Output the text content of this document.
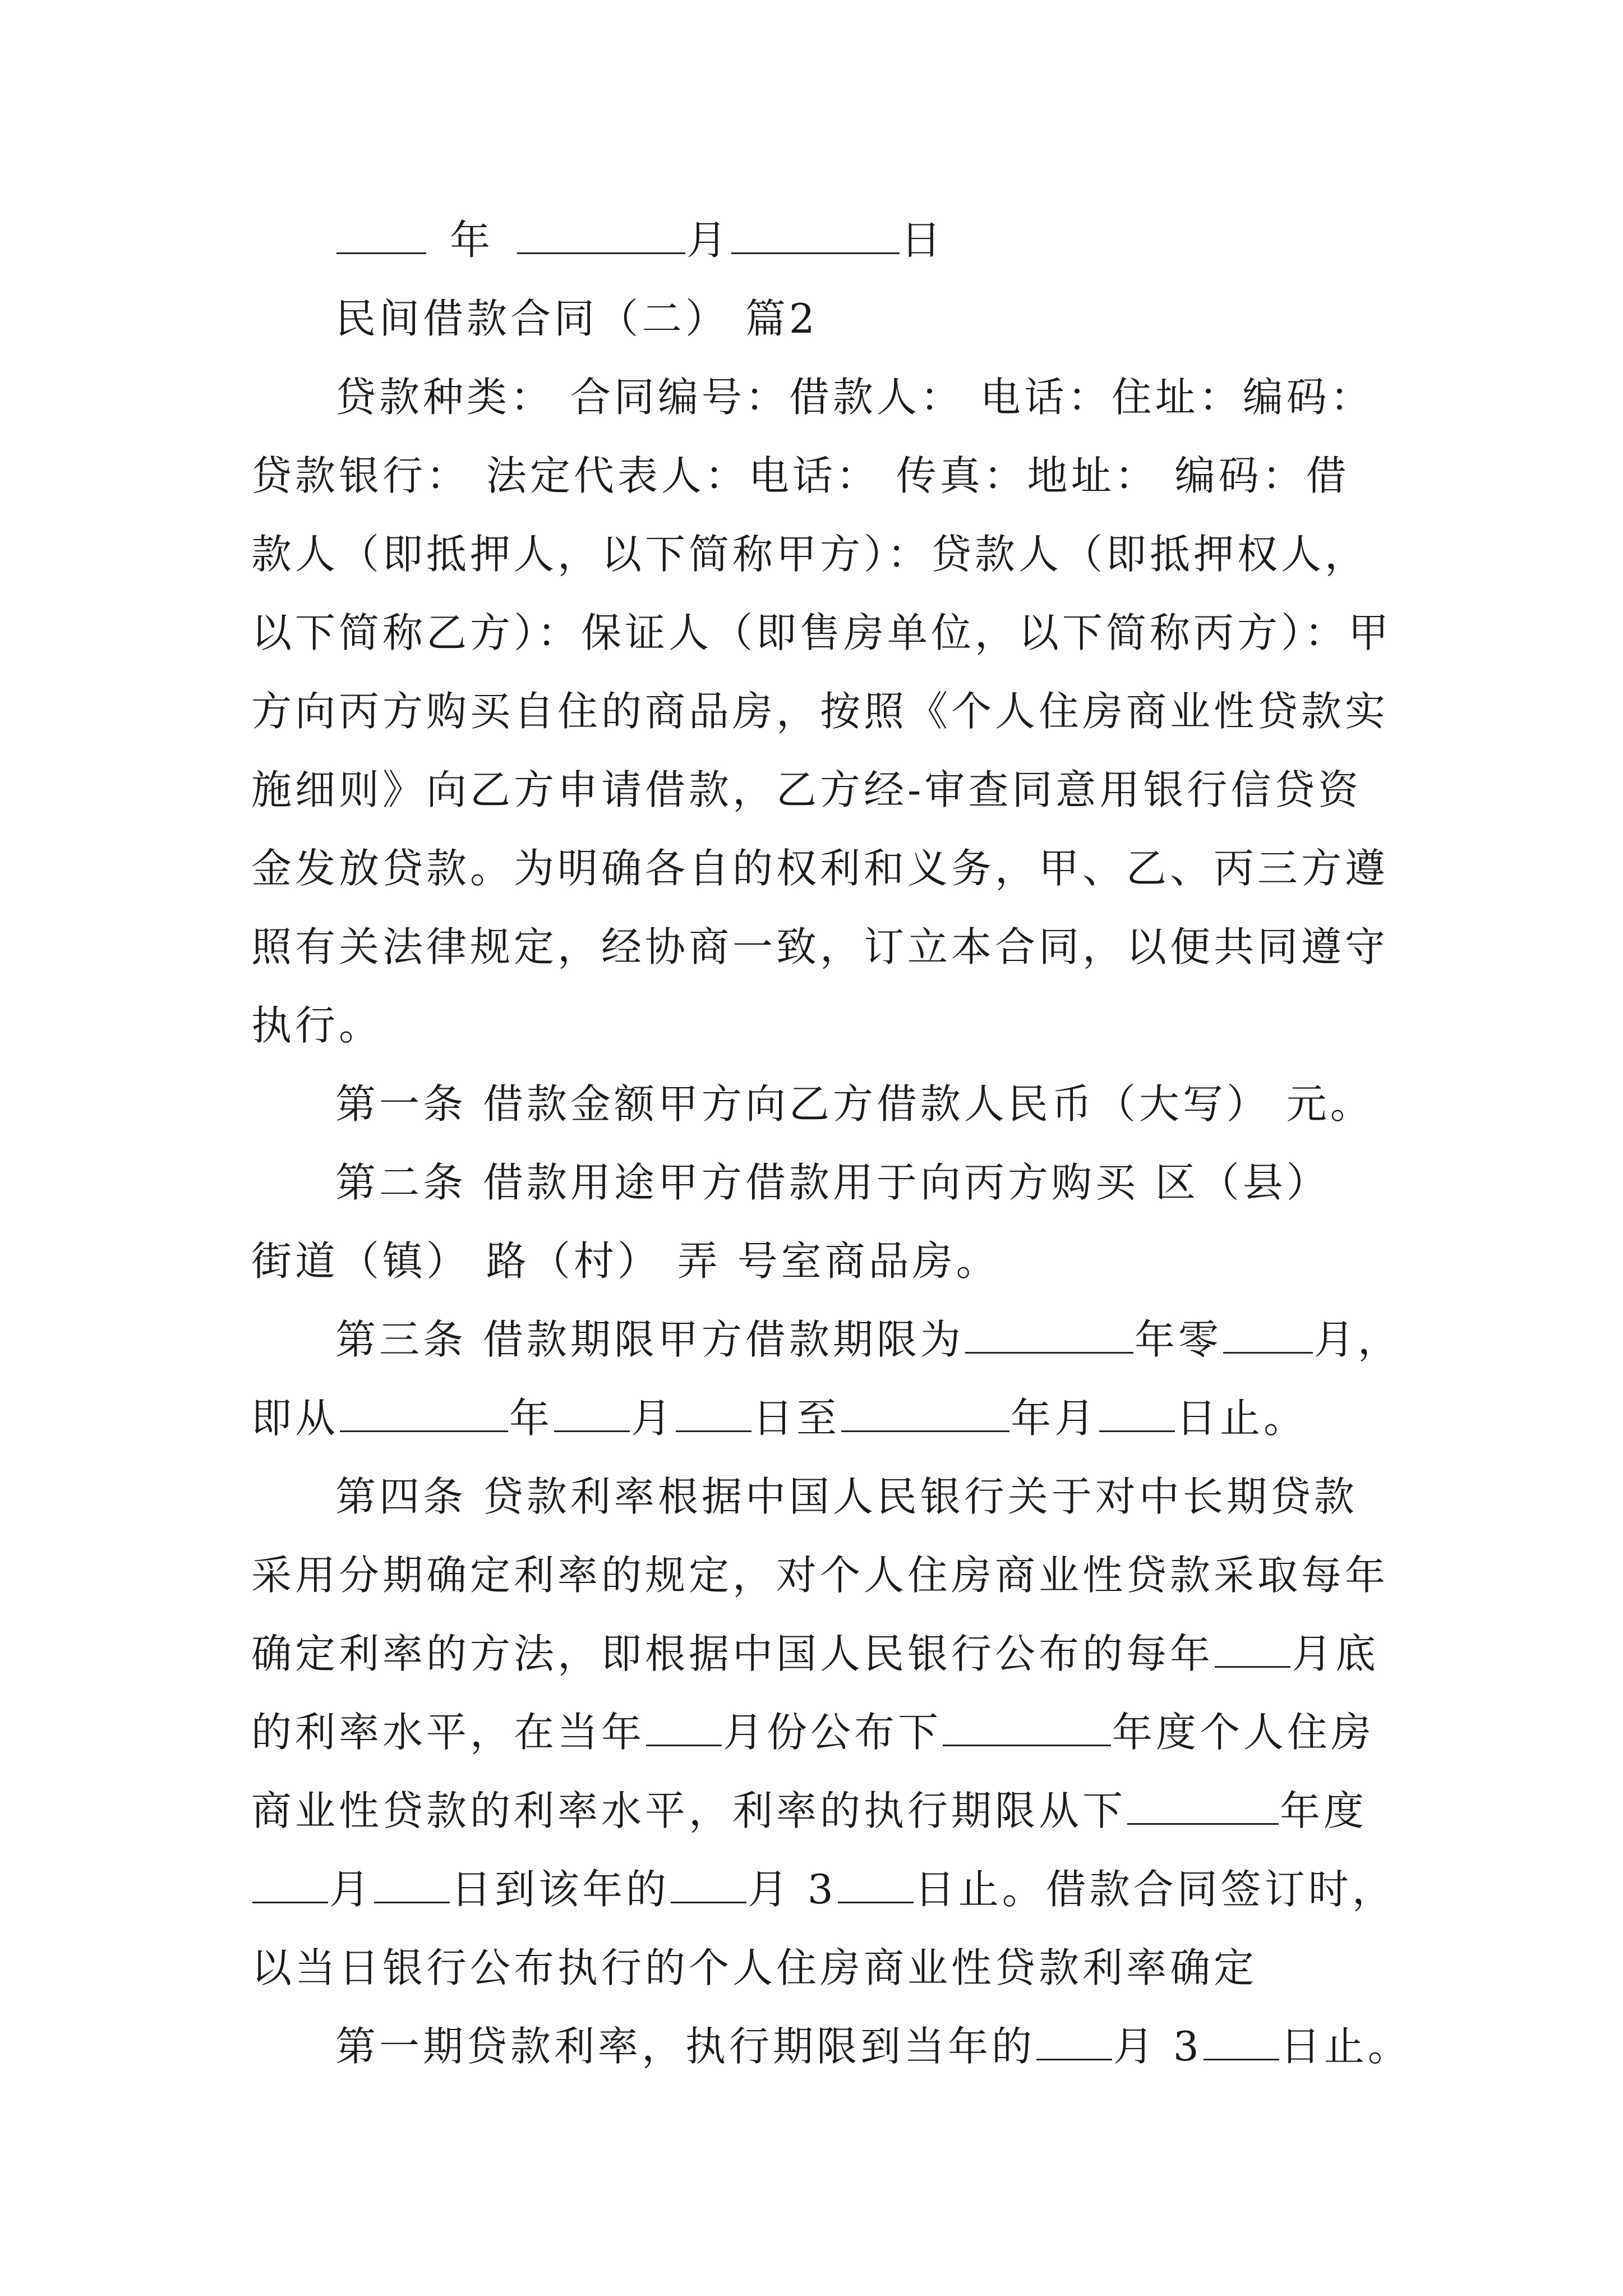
年	月	日
民间借款合同（二） 篇2
贷款种类： 合同编号：借款人： 电话：住址：编码：
贷款银行： 法定代表人：电话： 传真：地址： 编码：借
款人（即抵押人，以下简称甲方）：贷款人（即抵押权人，
以下简称乙方）：保证人（即售房单位，以下简称丙方）：甲
方向丙方购买自住的商品房，按照《个人住房商业性贷款实
施细则》向乙方申请借款，乙方经-审查同意用银行信贷资
金发放贷款。为明确各自的权利和义务，甲、乙、丙三方遵
照有关法律规定，经协商一致，订立本合同，以便共同遵守
执行。
第一条 借款金额甲方向乙方借款人民币（大写） 元。
第二条 借款用途甲方借款用于向丙方购买 区（县）
街道（镇） 路（村） 弄 号室商品房。
第三条 借款期限甲方借款期限为	年零 月，
即从	年 月 日至	年月 日止。
第四条 贷款利率根据中国人民银行关于对中长期贷款
采用分期确定利率的规定，对个人住房商业性贷款采取每年
确定利率的方法，即根据中国人民银行公布的每年 月底
的利率水平，在当年 月份公布下	年度个人住房
商业性贷款的利率水平，利率的执行期限从下	年度
月 日到该年的 月 3 日止。借款合同签订时，
以当日银行公布执行的个人住房商业性贷款利率确定
第一期贷款利率，执行期限到当年的 月 3 日止。
